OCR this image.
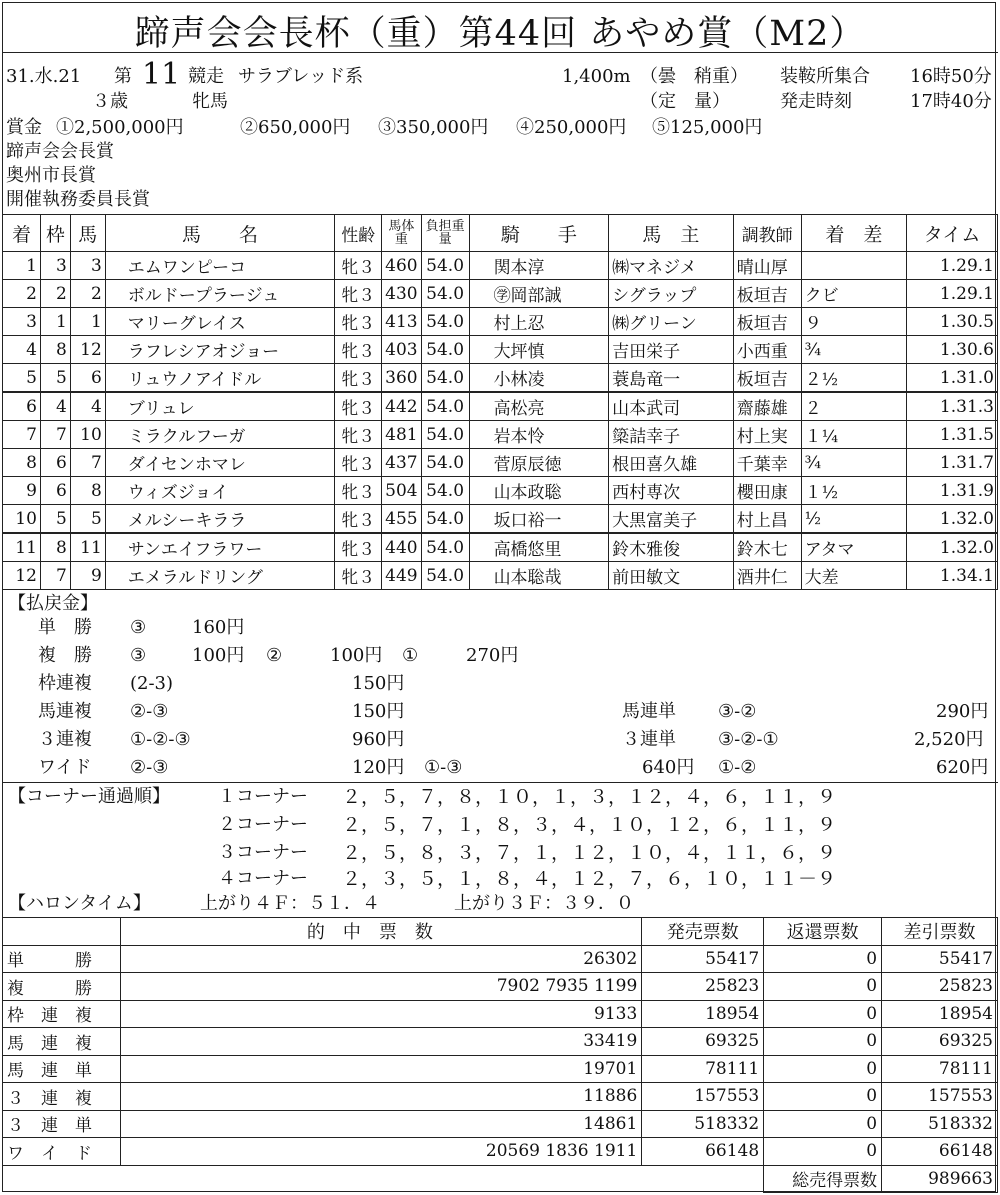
蹄声会会長杯（重）第44回 あやめ賞（M2）
31.水.21 第 11 競走 サラブレッド系	1,400m （曇　稍重） 装鞍所集合 16時50分
３歳	牝馬	（定　量）	発走時刻	17時40分
賞金 ①2,500,000円	②650,000円 ③350,000円 ④250,000円 ⑤125,000円
蹄声会会長賞
奥州市長賞
開催執務委員長賞
着	枠	馬	馬　　名	性齢	馬体重	負担重量	騎　　手	馬　主	調教師	着　差	タイム
1	3	3	エムワンピーコ	牝３	460	54.0	関本淳	㈱マネジメ	晴山厚		1.29.1
2	2	2	ボルドープラージュ	牝３	430	54.0	㊫岡部誠	シグラップ	板垣吉	クビ	1.29.1
3	1	1	マリーグレイス	牝３	413	54.0	村上忍	㈱グリーン	板垣吉	９	1.30.5
4	8	12	ラフレシアオジョー	牝３	403	54.0	大坪慎	吉田栄子	小西重	¾	1.30.6
5	5	6	リュウノアイドル	牝３	360	54.0	小林凌	蓑島竜一	板垣吉	２½	1.31.0
6	4	4	ブリュレ	牝３	442	54.0	高松亮	山本武司	齋藤雄	２	1.31.3
7	7	10	ミラクルフーガ	牝３	481	54.0	岩本怜	簗詰幸子	村上実	１¼	1.31.5
8	6	7	ダイセンホマレ	牝３	437	54.0	菅原辰徳	根田喜久雄	千葉幸	¾	1.31.7
9	6	8	ウィズジョイ	牝３	504	54.0	山本政聡	西村専次	櫻田康	１½	1.31.9
10	5	5	メルシーキララ	牝３	455	54.0	坂口裕一	大黒富美子	村上昌	½	1.32.0
11	8	11	サンエイフラワー	牝３	440	54.0	高橋悠里	鈴木雅俊	鈴木七	アタマ	1.32.0
12	7	9	エメラルドリング	牝３	449	54.0	山本聡哉	前田敏文	酒井仁	大差	1.34.1
【払戻金】
単　勝 ③	160円
複　勝 ③	100円 ②	100円 ①	270円
枠連複 (2-3)	150円
馬連複 ②-③	150円	馬連単 ③-②	290円
３連複 ①-②-③	960円	３連単 ③-②-①	2,520円
ワイド ②-③	120円 ①-③	640円 ①-②	620円
【コーナー通過順】	１コーナー ２，５，７，８，１０，１，３，１２，４，６，１１，９
２コーナー ２，５，７，１，８，３，４，１０，１２，６，１１，９
３コーナー ２，５，８，３，７，１，１２，１０，４，１１，６，９
４コーナー ２，３，５，１，８，４，１２，７，６，１０，１１－９
【ハロンタイム】	上がり４Ｆ：５１．４	上がり３Ｆ：３９．０
	的　中　票　数	発売票数	返還票数	差引票数
単　　　勝	26302	55417	0	55417
複　　　勝	7902 7935 1199	25823	0	25823
枠　連　複	9133	18954	0	18954
馬　連　複	33419	69325	0	69325
馬　連　単	19701	78111	0	78111
３　連　複	11886	157553	0	157553
３　連　単	14861	518332	0	518332
ワ　イ　ド	20569 1836 1911	66148	0	66148
			総売得票数	989663
